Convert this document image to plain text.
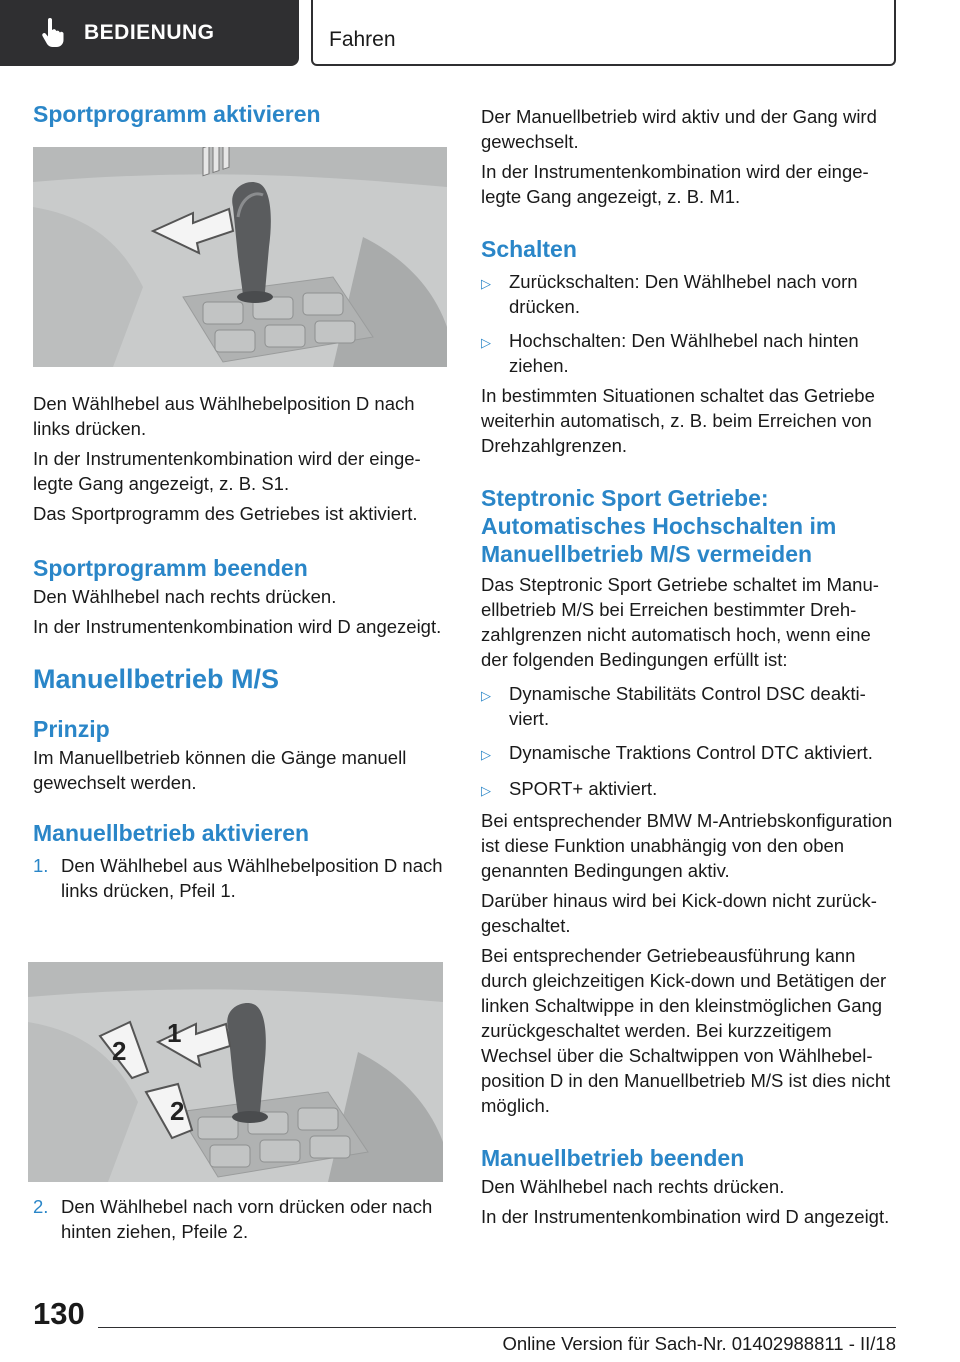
BEDIENUNG	Fahren
Sportprogramm aktivieren

Den Wählhebel aus Wählhebelposition D nach links drücken.

In der Instrumentenkombination wird der eingelegte Gang angezeigt, z. B. S1.

Das Sportprogramm des Getriebes ist aktiviert.

Sportprogramm beenden

Den Wählhebel nach rechts drücken.

In der Instrumentenkombination wird D angezeigt.

Manuellbetrieb M/S
Prinzip

Im Manuellbetrieb können die Gänge manuell gewechselt werden.

Manuellbetrieb aktivieren
1. Den Wählhebel aus Wählhebelposition D nach links drücken, Pfeil 1.
2. Den Wählhebel nach vorn drücken oder nach hinten ziehen, Pfeile 2.
1
2
2

Der Manuellbetrieb wird aktiv und der Gang wird gewechselt.

In der Instrumentenkombination wird der eingelegte Gang angezeigt, z. B. M1.

Schalten
▷ Zurückschalten: Den Wählhebel nach vorn drücken.
▷ Hochschalten: Den Wählhebel nach hinten ziehen.

In bestimmten Situationen schaltet das Getriebe weiterhin automatisch, z. B. beim Erreichen von Drehzahlgrenzen.

Steptronic Sport Getriebe: Automatisches Hochschalten im Manuellbetrieb M/S vermeiden

Das Steptronic Sport Getriebe schaltet im Manuellbetrieb M/S bei Erreichen bestimmter Drehzahlgrenzen nicht automatisch hoch, wenn eine der folgenden Bedingungen erfüllt ist:

▷ Dynamische Stabilitäts Control DSC deaktiviert.
▷ Dynamische Traktions Control DTC aktiviert.
▷ SPORT+ aktiviert.

Bei entsprechender BMW M-Antriebskonfiguration ist diese Funktion unabhängig von den oben genannten Bedingungen aktiv.

Darüber hinaus wird bei Kick-down nicht zurückgeschaltet.

Bei entsprechender Getriebeausführung kann durch gleichzeitigen Kick-down und Betätigen der linken Schaltwippe in den kleinstmöglichen Gang zurückgeschaltet werden. Bei kurzzeitigem Wechsel über die Schaltwippen von Wählhebelposition D in den Manuellbetrieb M/S ist dies nicht möglich.

Manuellbetrieb beenden

Den Wählhebel nach rechts drücken.

In der Instrumentenkombination wird D angezeigt.

130
Online Version für Sach-Nr. 01402988811 - II/18
